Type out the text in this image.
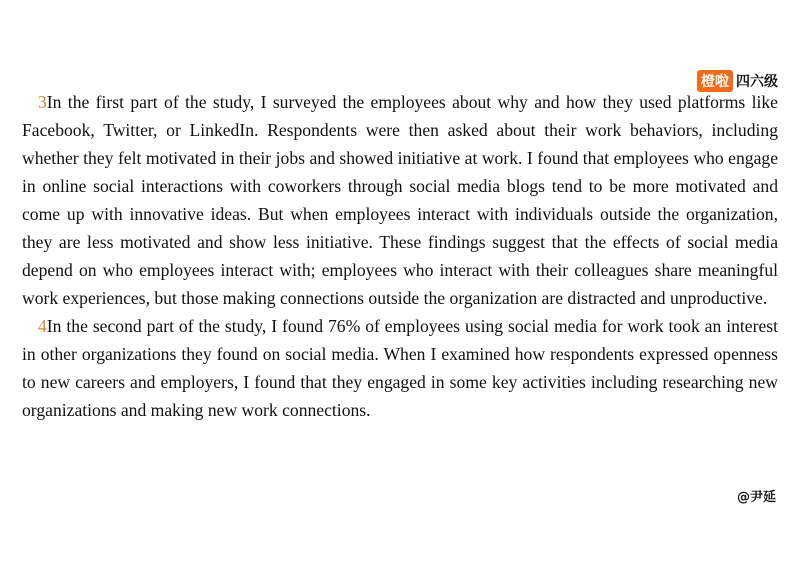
橙啦 四六级

3In the first part of the study, I surveyed the employees about why and how they used platforms like Facebook, Twitter, or LinkedIn. Respondents were then asked about their work behaviors, including whether they felt motivated in their jobs and showed initiative at work. I found that employees who engage in online social interactions with coworkers through social media blogs tend to be more motivated and come up with innovative ideas. But when employees interact with individuals outside the organization, they are less motivated and show less initiative. These findings suggest that the effects of social media depend on who employees interact with; employees who interact with their colleagues share meaningful work experiences, but those making connections outside the organization are distracted and unproductive.

4In the second part of the study, I found 76% of employees using social media for work took an interest in other organizations they found on social media. When I examined how respondents expressed openness to new careers and employers, I found that they engaged in some key activities including researching new organizations and making new work connections.

@尹延
